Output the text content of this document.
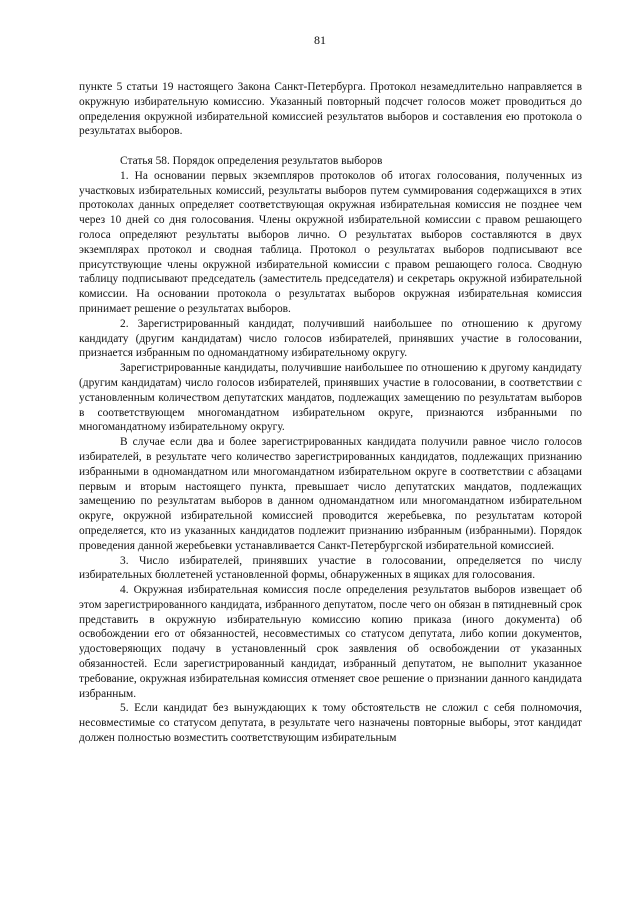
81

пункте 5 статьи 19 настоящего Закона Санкт-Петербурга. Протокол незамедлительно направляется в окружную избирательную комиссию. Указанный повторный подсчет голосов может проводиться до определения окружной избирательной комиссией результатов выборов и составления ею протокола о результатах выборов.

Статья 58. Порядок определения результатов выборов

1. На основании первых экземпляров протоколов об итогах голосования, полученных из участковых избирательных комиссий, результаты выборов путем суммирования содержащихся в этих протоколах данных определяет соответствующая окружная избирательная комиссия не позднее чем через 10 дней со дня голосования. Члены окружной избирательной комиссии с правом решающего голоса определяют результаты выборов лично. О результатах выборов составляются в двух экземплярах протокол и сводная таблица. Протокол о результатах выборов подписывают все присутствующие члены окружной избирательной комиссии с правом решающего голоса. Сводную таблицу подписывают председатель (заместитель председателя) и секретарь окружной избирательной комиссии. На основании протокола о результатах выборов окружная избирательная комиссия принимает решение о результатах выборов.

2. Зарегистрированный кандидат, получивший наибольшее по отношению к другому кандидату (другим кандидатам) число голосов избирателей, принявших участие в голосовании, признается избранным по одномандатному избирательному округу.

Зарегистрированные кандидаты, получившие наибольшее по отношению к другому кандидату (другим кандидатам) число голосов избирателей, принявших участие в голосовании, в соответствии с установленным количеством депутатских мандатов, подлежащих замещению по результатам выборов в соответствующем многомандатном избирательном округе, признаются избранными по многомандатному избирательному округу.

В случае если два и более зарегистрированных кандидата получили равное число голосов избирателей, в результате чего количество зарегистрированных кандидатов, подлежащих признанию избранными в одномандатном или многомандатном избирательном округе в соответствии с абзацами первым и вторым настоящего пункта, превышает число депутатских мандатов, подлежащих замещению по результатам выборов в данном одномандатном или многомандатном избирательном округе, окружной избирательной комиссией проводится жеребьевка, по результатам которой определяется, кто из указанных кандидатов подлежит признанию избранным (избранными). Порядок проведения данной жеребьевки устанавливается Санкт-Петербургской избирательной комиссией.

3. Число избирателей, принявших участие в голосовании, определяется по числу избирательных бюллетеней установленной формы, обнаруженных в ящиках для голосования.

4. Окружная избирательная комиссия после определения результатов выборов извещает об этом зарегистрированного кандидата, избранного депутатом, после чего он обязан в пятидневный срок представить в окружную избирательную комиссию копию приказа (иного документа) об освобождении его от обязанностей, несовместимых со статусом депутата, либо копии документов, удостоверяющих подачу в установленный срок заявления об освобождении от указанных обязанностей. Если зарегистрированный кандидат, избранный депутатом, не выполнит указанное требование, окружная избирательная комиссия отменяет свое решение о признании данного кандидата избранным.

5. Если кандидат без вынуждающих к тому обстоятельств не сложил с себя полномочия, несовместимые со статусом депутата, в результате чего назначены повторные выборы, этот кандидат должен полностью возместить соответствующим избирательным
